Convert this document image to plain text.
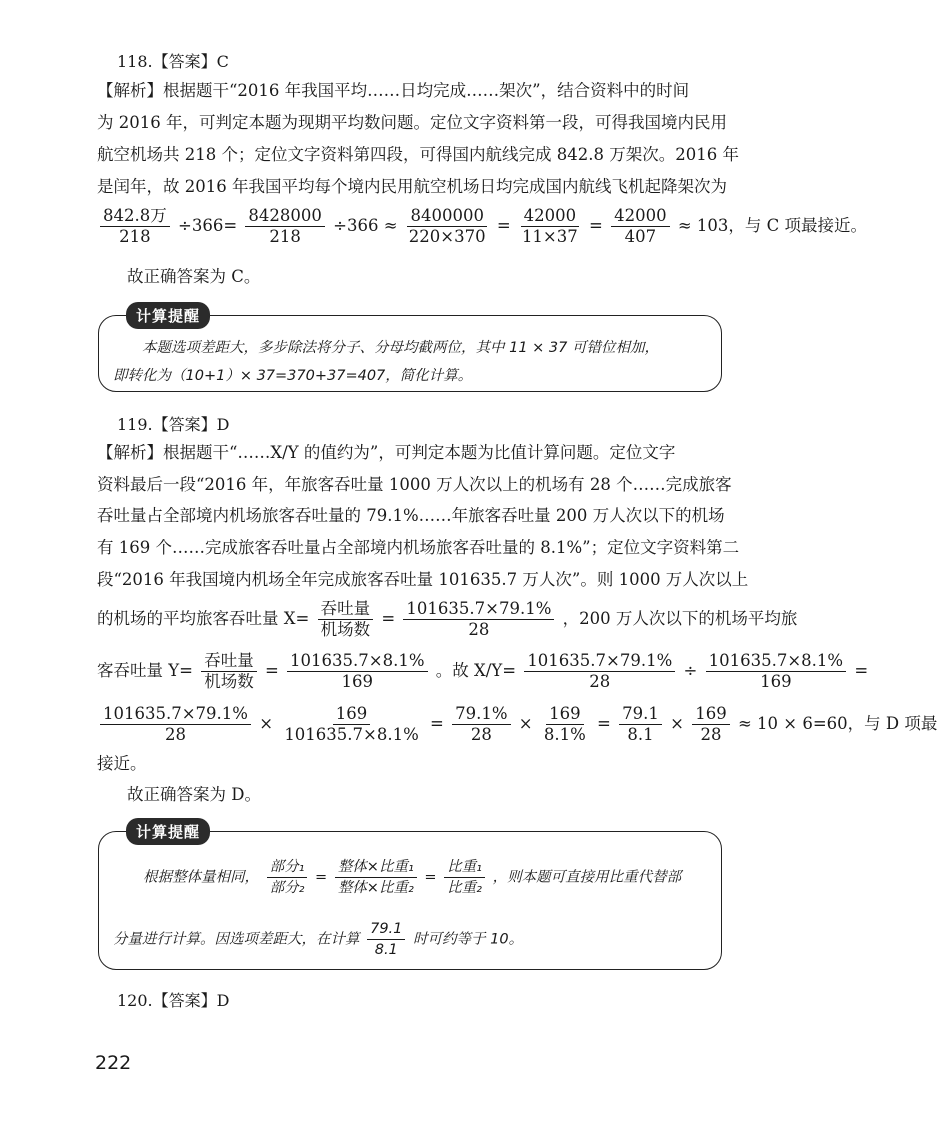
118.【答案】C
【解析】根据题干“2016 年我国平均……日均完成……架次”，结合资料中的时间
为 2016 年，可判定本题为现期平均数问题。定位文字资料第一段，可得我国境内民用
航空机场共 218 个；定位文字资料第四段，可得国内航线完成 842.8 万架次。2016 年
是闰年，故 2016 年我国平均每个境内民用航空机场日均完成国内航线飞机起降架次为
$\frac{\text{842.8万}}{218} \div 366= \frac{8428000}{218} \div 366 \approx \frac{8400000}{220\times 370} = \frac{42000}{11\times 37} = \frac{42000}{407} \approx 103$，与 C 项最接近。
故正确答案为 C。
计算提醒
本题选项差距大，多步除法将分子、分母均截两位，其中 11 × 37 可错位相加，
即转化为（10+1）× 37=370+37=407，简化计算。
119.【答案】D
【解析】根据题干“……X/Y 的值约为”，可判定本题为比值计算问题。定位文字
资料最后一段“2016 年，年旅客吞吐量 1000 万人次以上的机场有 28 个……完成旅客
吞吐量占全部境内机场旅客吞吐量的 79.1%……年旅客吞吐量 200 万人次以下的机场
有 169 个……完成旅客吞吐量占全部境内机场旅客吞吐量的 8.1%”；定位文字资料第二
段“2016 年我国境内机场全年完成旅客吞吐量 101635.7 万人次”。则 1000 万人次以上
的机场的平均旅客吞吐量 $X= \frac{\text{吞吐量}}{\text{机场数}} = \frac{101635.7\times 79.1\%}{28}$ ，200 万人次以下的机场平均旅
客吞吐量 $Y= \frac{\text{吞吐量}}{\text{机场数}} = \frac{101635.7\times 8.1\%}{169}$ 。故 $X/Y= \frac{101635.7\times 79.1\%}{28} \div \frac{101635.7\times 8.1\%}{169}$ =
$\frac{101635.7\times 79.1\%}{28} \times \frac{169}{101635.7\times 8.1\%} = \frac{79.1\%}{28} \times \frac{169}{8.1\%} = \frac{79.1}{8.1} \times \frac{169}{28} \approx 10 \times 6=60$，与 D 项最
接近。
故正确答案为 D。
计算提醒
根据整体量相同， $\frac{\text{部分₁}}{\text{部分₂}} = \frac{\text{整体×比重₁}}{\text{整体×比重₂}} = \frac{\text{比重₁}}{\text{比重₂}}$ ，则本题可直接用比重代替部
分量进行计算。因选项差距大，在计算 $\frac{79.1}{8.1}$ 时可约等于 10。
120.【答案】D
222
